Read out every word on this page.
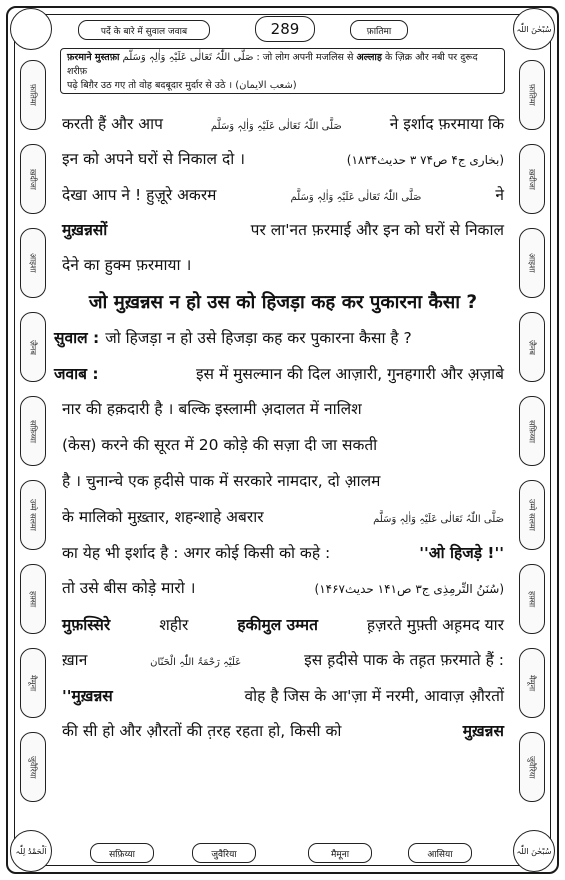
سُبْحٰنَ اللّٰہ
اَلْحَمْدُ لِلّٰہ	سُبْحٰنَ اللّٰہ
फ़ातिमा
ख़दीजा
आ़इशा
ज़ैनब
सफ़िय्या
उम्मे सलमा
हफ़्सा
मैमूना
जुवैरिया
फ़ातिमा
ख़दीजा
आ़इशा
ज़ैनब
सफ़िय्या
उम्मे सलमा
हफ़्सा
मैमूना
जुवैरिया
पर्दे के बारे में सुवाल जवाब	289	फ़ातिमा
फ़रमाने मुस्तफ़ा صَلَّی اللّٰہُ تَعَالٰی عَلَیْہِ وَاٰلِہٖ وَسَلَّم : जो लोग अपनी मजलिस से अल्लाह के ज़िक्र और नबी पर दुरूद शरीफ़
पढ़े बिग़ैर उठ गए तो वोह बदबूदार मुर्दार से उठे । (شعب الایمان)
करती हैं और आप	صَلَّی اللّٰہُ تَعَالٰی عَلَیْہِ وَاٰلِہٖ وَسَلَّم	ने इर्शाद फ़रमाया कि
इन को अपने घरों से निकाल दो ।	(بخاری ج۴ ص۷۴ ۳ حدیث۱۸۳۴)
देखा आप ने ! हुज़ूरे अकरम	صَلَّی اللّٰہُ تَعَالٰی عَلَیْہِ وَاٰلِہٖ وَسَلَّم	ने
मुख़न्नसों	पर ला'नत फ़रमाई और इन को घरों से निकाल
देने का हुक्म फ़रमाया ।
जो मुख़न्नस न हो उस को हिजड़ा कह कर पुकारना कैसा ?
सुवाल : जो हिजड़ा न हो उसे हिजड़ा कह कर पुकारना कैसा है ?
जवाब :	इस में मुसल्मान की दिल आज़ारी, गुनहगारी और अ़ज़ाबे
नार की हक़दारी है । बल्कि इस्लामी अ़दालत में नालिश
(केस) करने की सूरत में 20 कोड़े की सज़ा दी जा सकती
है । चुनान्चे एक ह़दीसे पाक में सरकारे नामदार, दो आ़लम
के मालिको मुख़्तार, शहन्शाहे अबरार	صَلَّی اللّٰہُ تَعَالٰی عَلَیْہِ وَاٰلِہٖ وَسَلَّم
का येह भी इर्शाद है : अगर कोई किसी को कहे :	''ओ हिजड़े !''
तो उसे बीस कोड़े मारो ।	(سُنَنُ التِّرمِذِی ج۳ ص۱۴۱ حدیث۱۴۶۷)
मुफ़स्सिरे	शहीर	हकीमुल उम्मत	ह़ज़रते मुफ़्ती अह़मद यार
ख़ान	عَلَیْہِ رَحْمَۃُ اللّٰہِ الْحَنّان	इस ह़दीसे पाक के तह़त फ़रमाते हैं :
''मुख़न्नस	वोह है जिस के आ'ज़ा में नरमी, आवाज़ औ़रतों
की सी हो और औ़रतों की त़रह रहता हो, किसी को	मुख़न्नस
सफ़िय्या	जुवैरिया	मैमूना	आसिया
